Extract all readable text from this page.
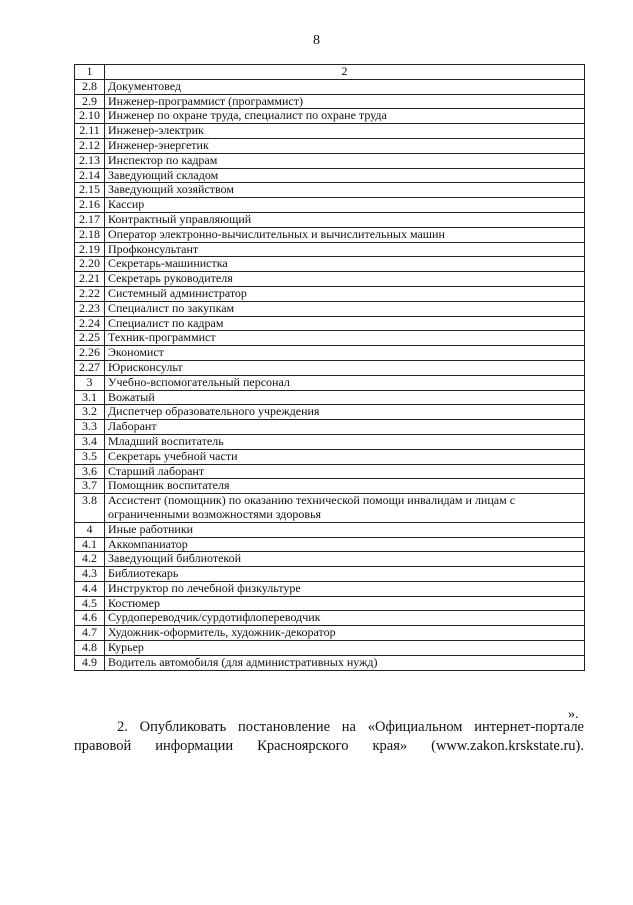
8
1	2
2.8	Документовед
2.9	Инженер-программист (программист)
2.10	Инженер по охране труда, специалист по охране труда
2.11	Инженер-электрик
2.12	Инженер-энергетик
2.13	Инспектор по кадрам
2.14	Заведующий складом
2.15	Заведующий хозяйством
2.16	Кассир
2.17	Контрактный управляющий
2.18	Оператор электронно-вычислительных и вычислительных машин
2.19	Профконсультант
2.20	Секретарь-машинистка
2.21	Секретарь руководителя
2.22	Системный администратор
2.23	Специалист по закупкам
2.24	Специалист по кадрам
2.25	Техник-программист
2.26	Экономист
2.27	Юрисконсульт
3	Учебно-вспомогательный персонал
3.1	Вожатый
3.2	Диспетчер образовательного учреждения
3.3	Лаборант
3.4	Младший воспитатель
3.5	Секретарь учебной части
3.6	Старший лаборант
3.7	Помощник воспитателя
3.8	Ассистент (помощник) по оказанию технической помощи инвалидам и лицам с ограниченными возможностями здоровья
4	Иные работники
4.1	Аккомпаниатор
4.2	Заведующий библиотекой
4.3	Библиотекарь
4.4	Инструктор по лечебной физкультуре
4.5	Костюмер
4.6	Сурдопереводчик/сурдотифлопереводчик
4.7	Художник-оформитель, художник-декоратор
4.8	Курьер
4.9	Водитель автомобиля (для административных нужд)
».

2. Опубликовать постановление на «Официальном интернет-портале правовой информации Красноярского края» (www.zakon.krskstate.ru).
